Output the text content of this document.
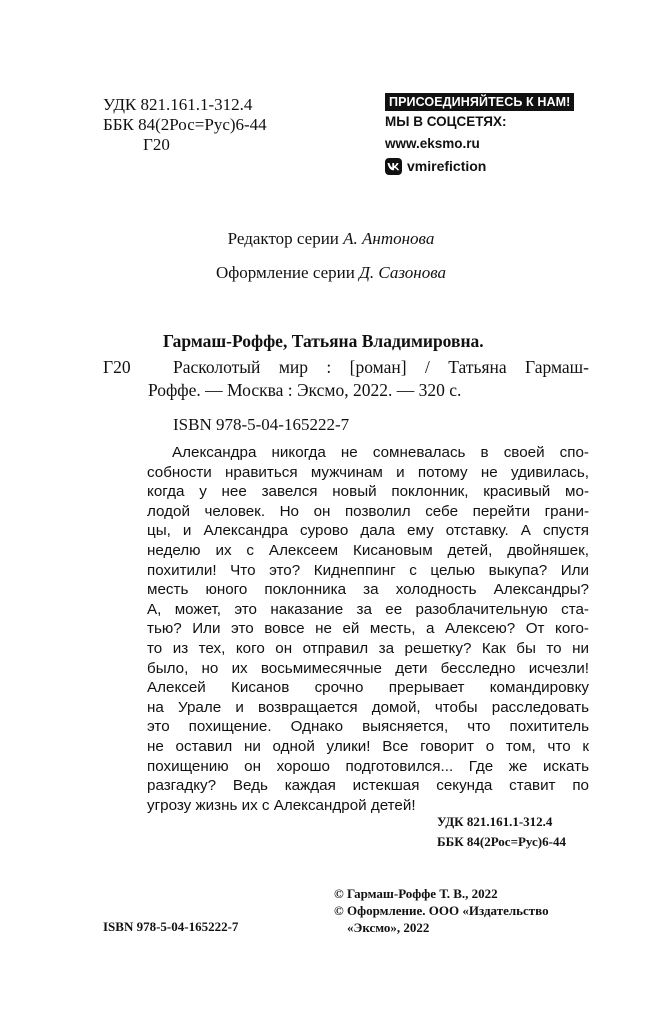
УДК 821.161.1-312.4
ББК 84(2Рос=Рус)6-44
Г20
ПРИСОЕДИНЯЙТЕСЬ К НАМ!
МЫ В СОЦСЕТЯХ:
www.eksmo.ru
vmirefiction
Редактор серии А. Антонова
Оформление серии Д. Сазонова
Гармаш-Роффе, Татьяна Владимировна.
Г20	Расколотый мир : [роман] / Татьяна Гармаш-
Роффе. — Москва : Эксмо, 2022. — 320 с.
ISBN 978-5-04-165222-7
Александра никогда не сомневалась в своей спо-
собности нравиться мужчинам и потому не удивилась,
когда у нее завелся новый поклонник, красивый мо-
лодой человек. Но он позволил себе перейти грани-
цы, и Александра сурово дала ему отставку. А спустя
неделю их с Алексеем Кисановым детей, двойняшек,
похитили! Что это? Киднеппинг с целью выкупа? Или
месть юного поклонника за холодность Александры?
А, может, это наказание за ее разоблачительную ста-
тью? Или это вовсе не ей месть, а Алексею? От кого-
то из тех, кого он отправил за решетку? Как бы то ни
было, но их восьмимесячные дети бесследно исчезли!
Алексей Кисанов срочно прерывает командировку
на Урале и возвращается домой, чтобы расследовать
это похищение. Однако выясняется, что похититель
не оставил ни одной улики! Все говорит о том, что к
похищению он хорошо подготовился... Где же искать
разгадку? Ведь каждая истекшая секунда ставит по
угрозу жизнь их с Александрой детей!
УДК 821.161.1-312.4
ББК 84(2Рос=Рус)6-44
© Гармаш-Роффе Т. В., 2022
© Оформление. ООО «Издательство
«Эксмо», 2022
ISBN 978-5-04-165222-7
